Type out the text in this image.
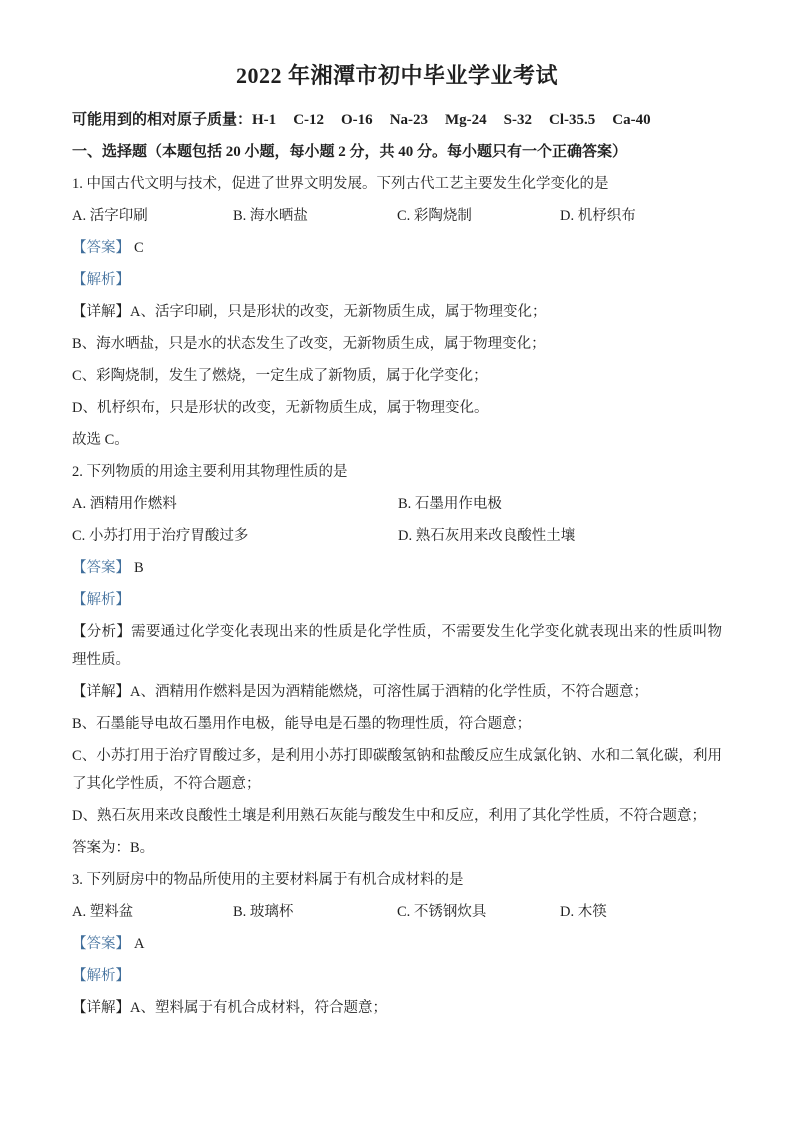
2022 年湘潭市初中毕业学业考试

可能用到的相对原子质量：H-1 C-12 O-16 Na-23 Mg-24 S-32 Cl-35.5 Ca-40

一、选择题（本题包括 20 小题，每小题 2 分，共 40 分。每小题只有一个正确答案）

1. 中国古代文明与技术，促进了世界文明发展。下列古代工艺主要发生化学变化的是

A. 活字印刷	B. 海水晒盐	C. 彩陶烧制	D. 机杼织布

【答案】 C

【解析】

【详解】A、活字印刷，只是形状的改变，无新物质生成，属于物理变化；

B、海水晒盐，只是水的状态发生了改变，无新物质生成，属于物理变化；

C、彩陶烧制，发生了燃烧，一定生成了新物质，属于化学变化；

D、机杼织布，只是形状的改变，无新物质生成，属于物理变化。

故选 C。

2. 下列物质的用途主要利用其物理性质的是

A. 酒精用作燃料	B. 石墨用作电极
C. 小苏打用于治疗胃酸过多	D. 熟石灰用来改良酸性土壤

【答案】 B

【解析】

【分析】需要通过化学变化表现出来的性质是化学性质，不需要发生化学变化就表现出来的性质叫物理性质。

【详解】A、酒精用作燃料是因为酒精能燃烧，可溶性属于酒精的化学性质，不符合题意；

B、石墨能导电故石墨用作电极，能导电是石墨的物理性质，符合题意；

C、小苏打用于治疗胃酸过多，是利用小苏打即碳酸氢钠和盐酸反应生成氯化钠、水和二氧化碳，利用了其化学性质，不符合题意；

D、熟石灰用来改良酸性土壤是利用熟石灰能与酸发生中和反应，利用了其化学性质，不符合题意；

答案为：B。

3. 下列厨房中的物品所使用的主要材料属于有机合成材料的是

A. 塑料盆	B. 玻璃杯	C. 不锈钢炊具	D. 木筷

【答案】 A

【解析】

【详解】A、塑料属于有机合成材料，符合题意；
